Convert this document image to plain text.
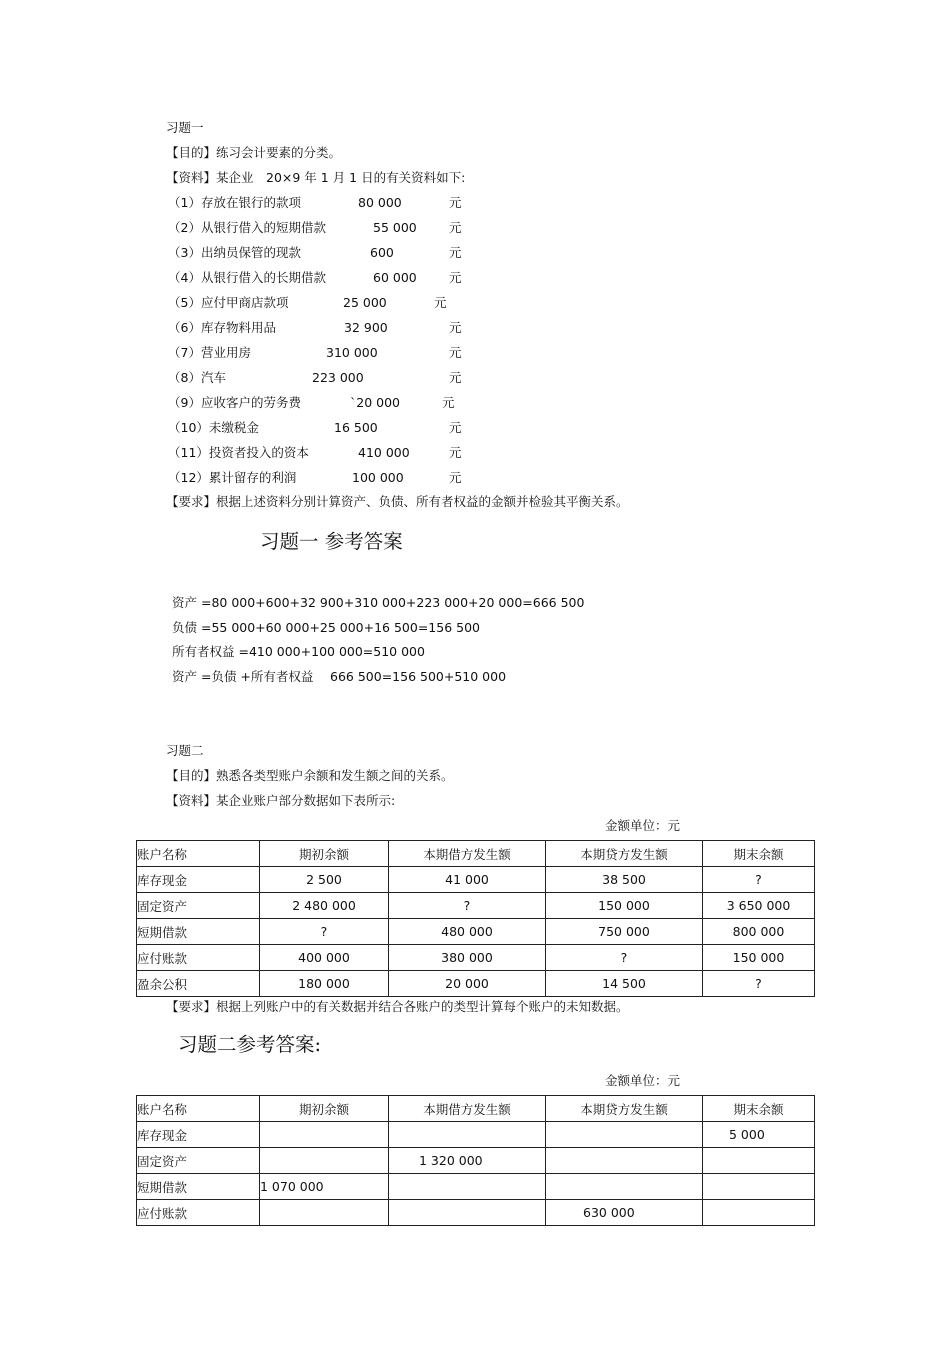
习题一
【目的】练习会计要素的分类。
【资料】某企业　20×9 年 1 月 1 日的有关资料如下:
（1）存放在银行的款项	80 000	元
（2）从银行借入的短期借款	55 000	元
（3）出纳员保管的现款	600	元
（4）从银行借入的长期借款	60 000	元
（5）应付甲商店款项	25 000	元
（6）库存物料用品	32 900	元
（7）营业用房	310 000	元
（8）汽车	223 000	元
（9）应收客户的劳务费	`20 000	元
（10）未缴税金	16 500	元
（11）投资者投入的资本	410 000	元
（12）累计留存的利润	100 000	元
【要求】根据上述资料分别计算资产、负债、所有者权益的金额并检验其平衡关系。
习题一 参考答案
资产 =80 000+600+32 900+310 000+223 000+20 000=666 500
负债 =55 000+60 000+25 000+16 500=156 500
所有者权益 =410 000+100 000=510 000
资产 =负债 +所有者权益 666 500=156 500+510 000
习题二
【目的】熟悉各类型账户余额和发生额之间的关系。
【资料】某企业账户部分数据如下表所示:
金额单位：元
账户名称	期初余额	本期借方发生额	本期贷方发生额	期末余额
库存现金	2 500	41 000	38 500	?
固定资产	2 480 000	?	150 000	3 650 000
短期借款	?	480 000	750 000	800 000
应付账款	400 000	380 000	?	150 000
盈余公积	180 000	20 000	14 500	?
【要求】根据上列账户中的有关数据并结合各账户的类型计算每个账户的未知数据。
习题二参考答案:
金额单位：元
账户名称	期初余额	本期借方发生额	本期贷方发生额	期末余额
库存现金				5 000
固定资产		1 320 000		
短期借款	1 070 000			
应付账款			630 000	
